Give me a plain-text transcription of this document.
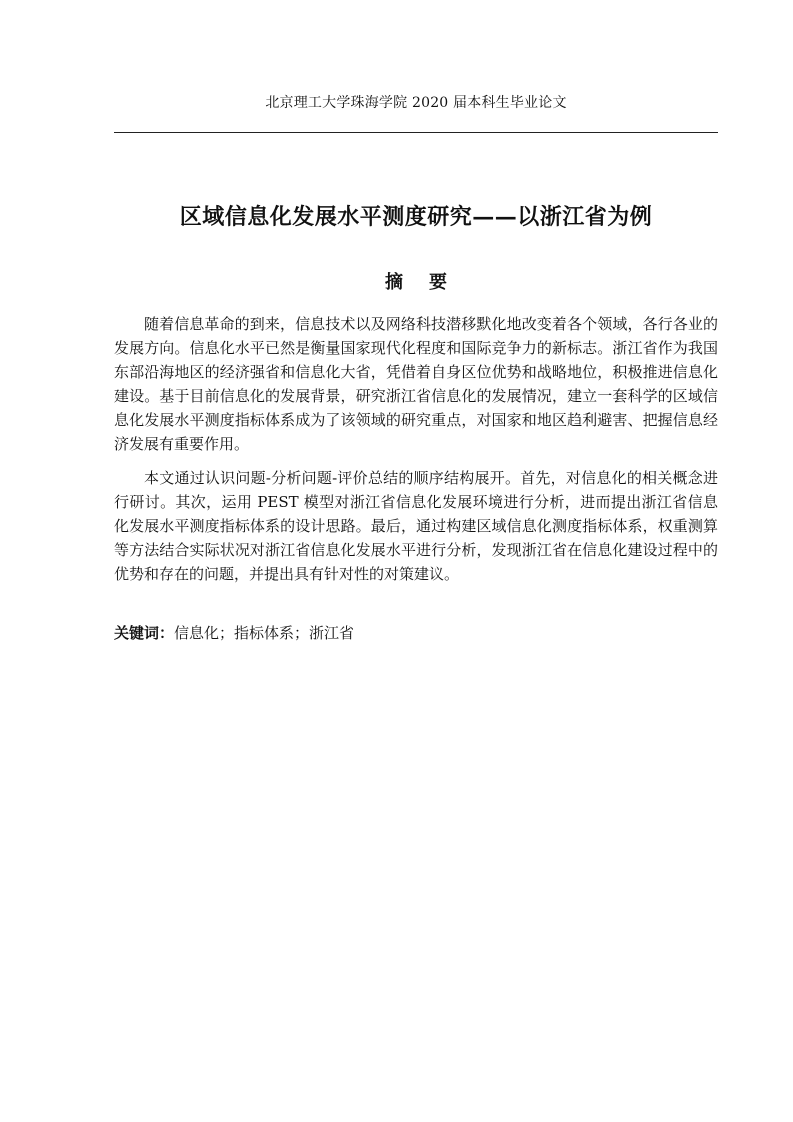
北京理工大学珠海学院 2020 届本科生毕业论文
区域信息化发展水平测度研究——以浙江省为例
摘要

随着信息革命的到来，信息技术以及网络科技潜移默化地改变着各个领域，各行各业的发展方向。信息化水平已然是衡量国家现代化程度和国际竞争力的新标志。浙江省作为我国东部沿海地区的经济强省和信息化大省，凭借着自身区位优势和战略地位，积极推进信息化建设。基于目前信息化的发展背景，研究浙江省信息化的发展情况，建立一套科学的区域信息化发展水平测度指标体系成为了该领域的研究重点，对国家和地区趋利避害、把握信息经济发展有重要作用。

本文通过认识问题-分析问题-评价总结的顺序结构展开。首先，对信息化的相关概念进行研讨。其次，运用 PEST 模型对浙江省信息化发展环境进行分析，进而提出浙江省信息化发展水平测度指标体系的设计思路。最后，通过构建区域信息化测度指标体系，权重测算等方法结合实际状况对浙江省信息化发展水平进行分析，发现浙江省在信息化建设过程中的优势和存在的问题，并提出具有针对性的对策建议。

关键词：信息化；指标体系；浙江省
